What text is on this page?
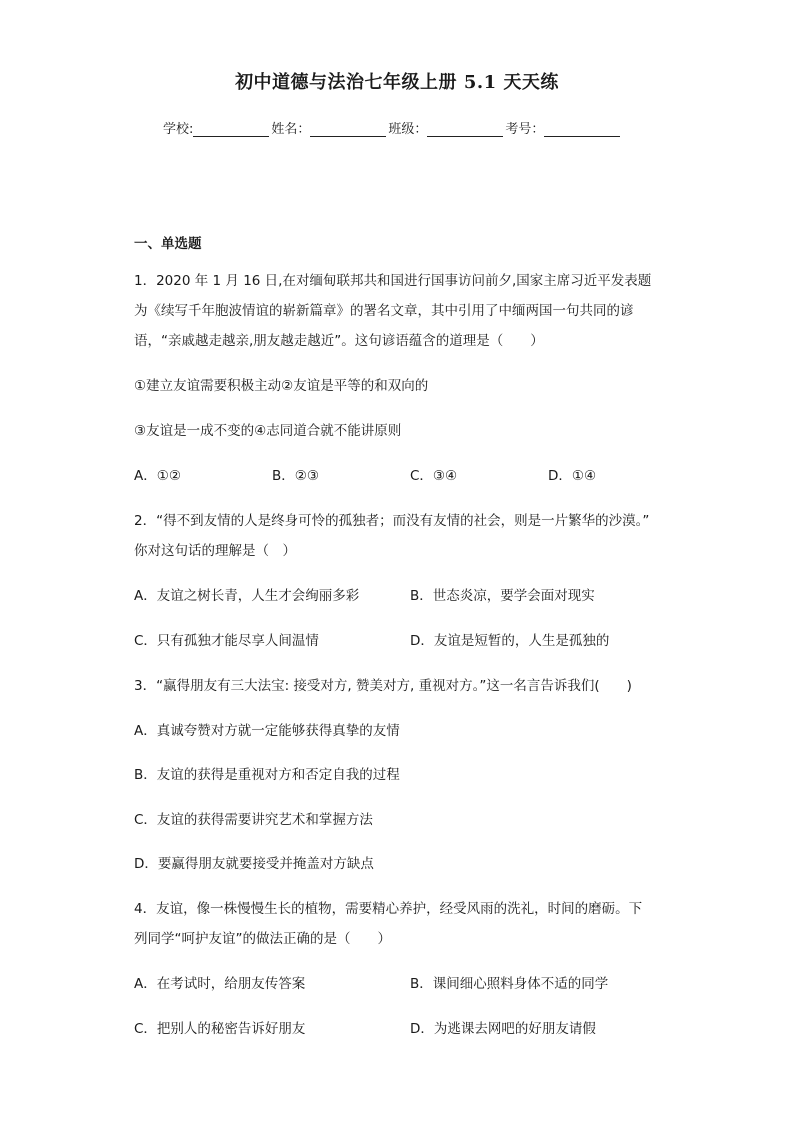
初中道德与法治七年级上册 5.1 天天练
学校:	姓名：	班级：	考号：
一、单选题
1．2020 年 1 月 16 日,在对缅甸联邦共和国进行国事访问前夕,国家主席习近平发表题
为《续写千年胞波情谊的崭新篇章》的署名文章，其中引用了中缅两国一句共同的谚
语，“亲戚越走越亲,朋友越走越近”。这句谚语蕴含的道理是（　　）
①建立友谊需要积极主动②友谊是平等的和双向的
③友谊是一成不变的④志同道合就不能讲原则
A．①②	B．②③	C．③④	D．①④
2．“得不到友情的人是终身可怜的孤独者；而没有友情的社会，则是一片繁华的沙漠。”
你对这句话的理解是（　）
A．友谊之树长青，人生才会绚丽多彩	B．世态炎凉，要学会面对现实
C．只有孤独才能尽享人间温情	D．友谊是短暂的，人生是孤独的
3．“赢得朋友有三大法宝: 接受对方, 赞美对方, 重视对方。”这一名言告诉我们(　　)
A．真诚夸赞对方就一定能够获得真挚的友情
B．友谊的获得是重视对方和否定自我的过程
C．友谊的获得需要讲究艺术和掌握方法
D．要赢得朋友就要接受并掩盖对方缺点
4．友谊，像一株慢慢生长的植物，需要精心养护，经受风雨的洗礼，时间的磨砺。下
列同学“呵护友谊”的做法正确的是（　　）
A．在考试时，给朋友传答案	B．课间细心照料身体不适的同学
C．把别人的秘密告诉好朋友	D．为逃课去网吧的好朋友请假
